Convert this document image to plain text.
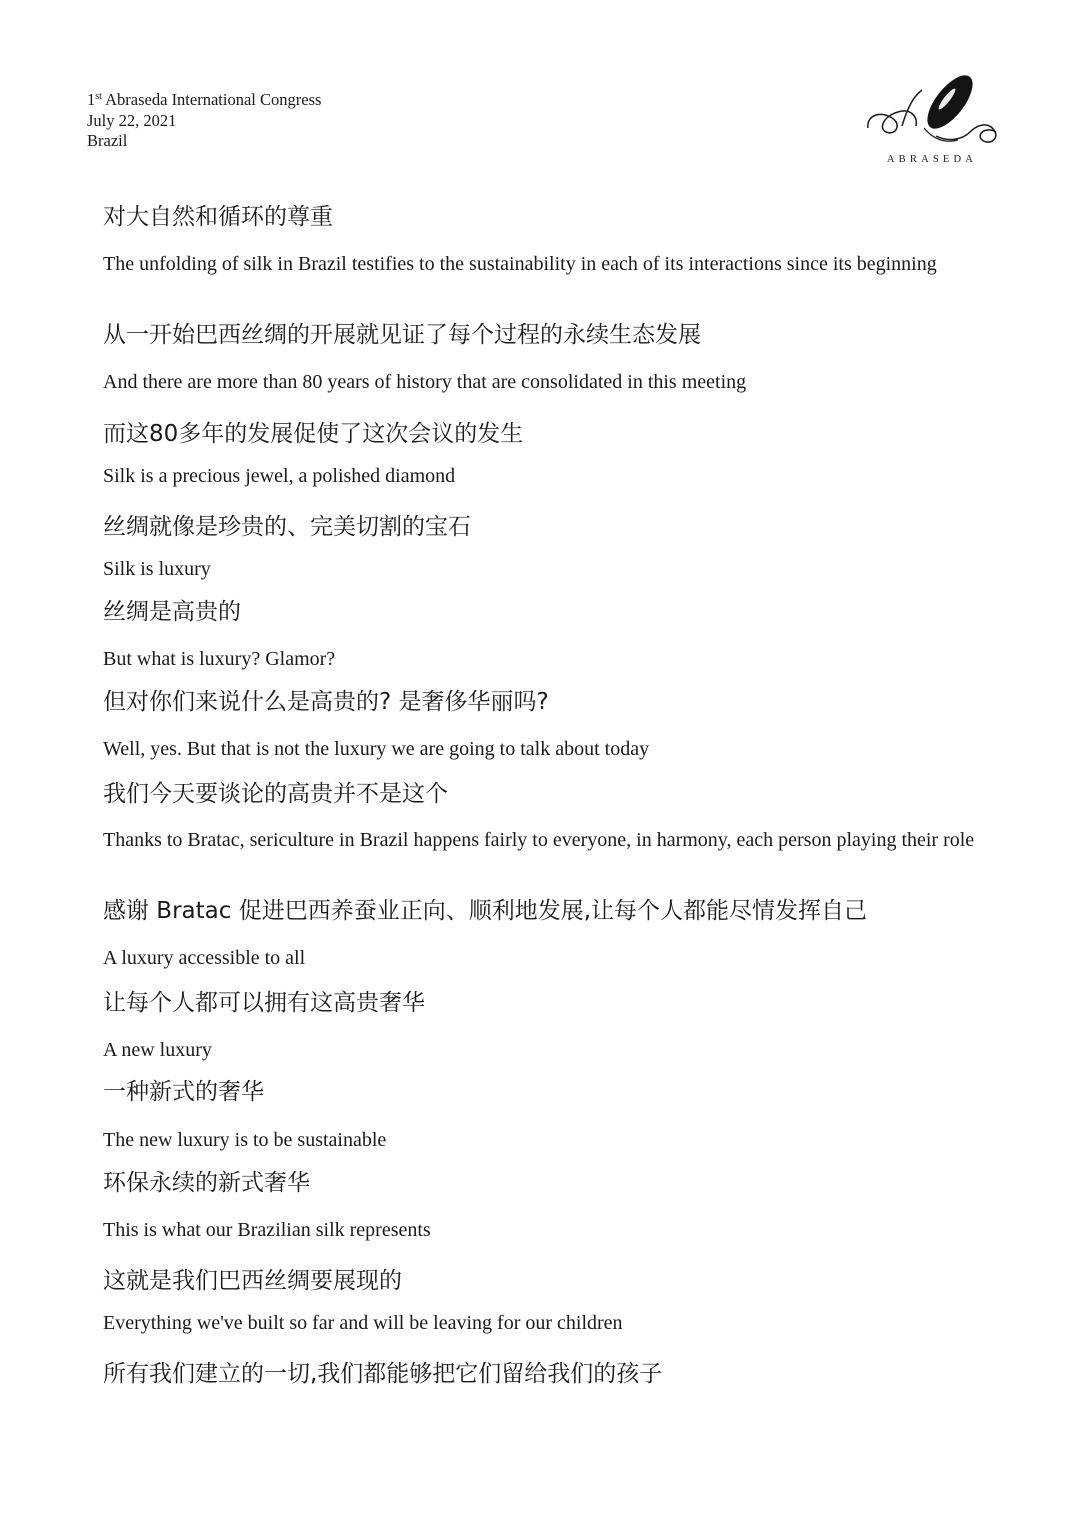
1st Abraseda International Congress
July 22, 2021
Brazil
ABRASEDA
对大自然和循环的尊重
The unfolding of silk in Brazil testifies to the sustainability in each of its interactions since its beginning
从一开始巴西丝绸的开展就见证了每个过程的永续生态发展
And there are more than 80 years of history that are consolidated in this meeting
而这80多年的发展促使了这次会议的发生
Silk is a precious jewel, a polished diamond
丝绸就像是珍贵的、完美切割的宝石
Silk is luxury
丝绸是高贵的
But what is luxury? Glamor?
但对你们来说什么是高贵的? 是奢侈华丽吗?
Well, yes. But that is not the luxury we are going to talk about today
我们今天要谈论的高贵并不是这个
Thanks to Bratac, sericulture in Brazil happens fairly to everyone, in harmony, each person playing their role
感谢 Bratac 促进巴西养蚕业正向、顺利地发展,让每个人都能尽情发挥自己
A luxury accessible to all
让每个人都可以拥有这高贵奢华
A new luxury
一种新式的奢华
The new luxury is to be sustainable
环保永续的新式奢华
This is what our Brazilian silk represents
这就是我们巴西丝绸要展现的
Everything we've built so far and will be leaving for our children
所有我们建立的一切,我们都能够把它们留给我们的孩子
